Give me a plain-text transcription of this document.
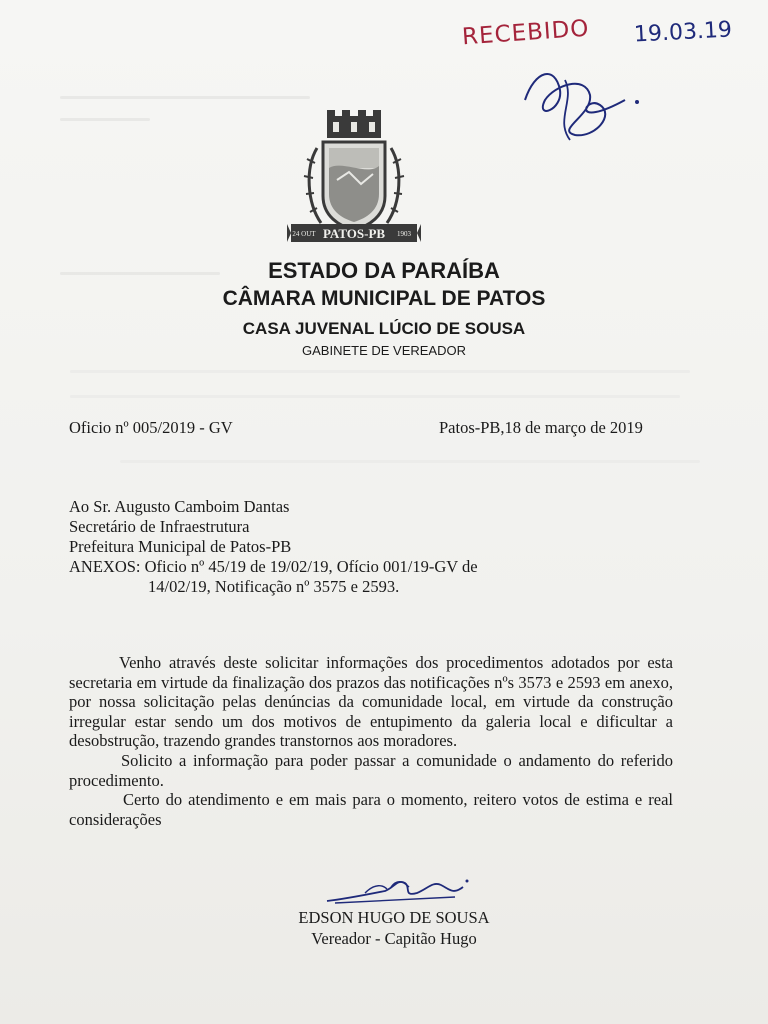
RECEBIDO 19.03.19
PATOS-PB
24 OUT	1903
ESTADO DA PARAÍBA
CÂMARA MUNICIPAL DE PATOS
CASA JUVENAL LÚCIO DE SOUSA
GABINETE DE VEREADOR
Oficio nº 005/2019 - GV	Patos-PB,18 de março de 2019
Ao Sr. Augusto Camboim Dantas
Secretário de Infraestrutura
Prefeitura Municipal de Patos-PB
ANEXOS: Oficio nº 45/19 de 19/02/19, Ofício 001/19-GV de
14/02/19, Notificação nº 3575 e 2593.

Venho através deste solicitar informações dos procedimentos adotados por esta secretaria em virtude da finalização dos prazos das notificações nºs 3573 e 2593 em anexo, por nossa solicitação pelas denúncias da comunidade local, em virtude da construção irregular estar sendo um dos motivos de entupimento da galeria local e dificultar a desobstrução, trazendo grandes transtornos aos moradores.

Solicito a informação para poder passar a comunidade o andamento do referido procedimento.

Certo do atendimento e em mais para o momento, reitero votos de estima e real considerações

EDSON HUGO DE SOUSA
Vereador - Capitão Hugo
